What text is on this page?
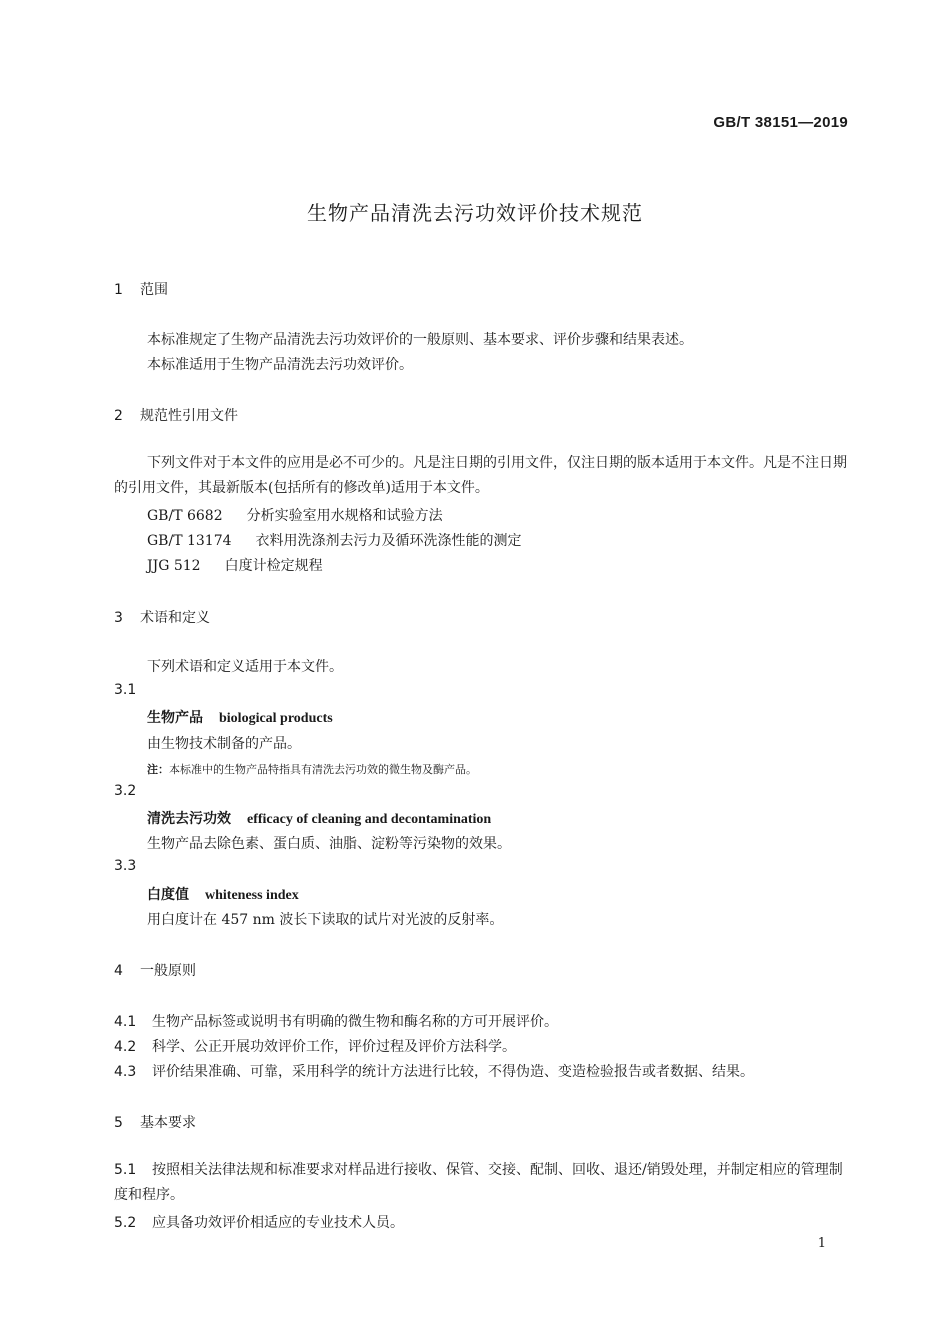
GB/T 38151—2019
生物产品清洗去污功效评价技术规范
1 范围
本标准规定了生物产品清洗去污功效评价的一般原则、基本要求、评价步骤和结果表述。
本标准适用于生物产品清洗去污功效评价。
2 规范性引用文件
下列文件对于本文件的应用是必不可少的。凡是注日期的引用文件，仅注日期的版本适用于本文件。凡是不注日期的引用文件，其最新版本(包括所有的修改单)适用于本文件。
GB/T 6682 分析实验室用水规格和试验方法
GB/T 13174 衣料用洗涤剂去污力及循环洗涤性能的测定
JJG 512 白度计检定规程
3 术语和定义
下列术语和定义适用于本文件。
3.1
生物产品 biological products
由生物技术制备的产品。
注：本标准中的生物产品特指具有清洗去污功效的微生物及酶产品。
3.2
清洗去污功效 efficacy of cleaning and decontamination
生物产品去除色素、蛋白质、油脂、淀粉等污染物的效果。
3.3
白度值 whiteness index
用白度计在 457 nm 波长下读取的试片对光波的反射率。
4 一般原则
4.1 生物产品标签或说明书有明确的微生物和酶名称的方可开展评价。
4.2 科学、公正开展功效评价工作，评价过程及评价方法科学。
4.3 评价结果准确、可靠，采用科学的统计方法进行比较，不得伪造、变造检验报告或者数据、结果。
5 基本要求
5.1 按照相关法律法规和标准要求对样品进行接收、保管、交接、配制、回收、退还/销毁处理，并制定相应的管理制度和程序。
5.2 应具备功效评价相适应的专业技术人员。
1
